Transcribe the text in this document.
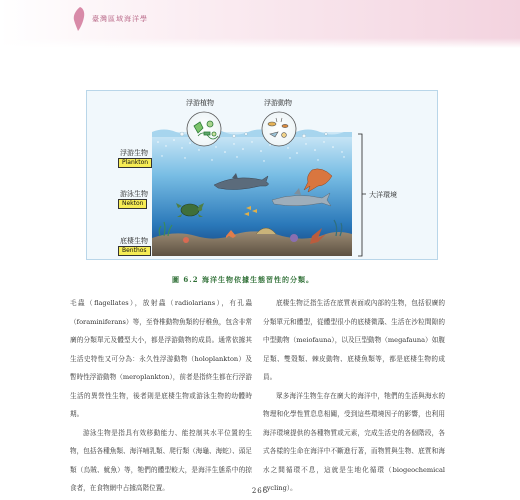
臺灣區域海洋學
浮游植物	浮游動物
大洋環境
浮游生物
Plankton
游泳生物
Nekton
底棲生物
Benthos
圖 6.2 海洋生物依據生態習性的分類。

毛蟲（flagellates），放射蟲（radiolarians），有孔蟲（foraminiferans）等，至脊椎動物魚類的仔稚魚，包含非常廣的分類單元及體型大小，都是浮游動物的成員。通常依據其生活史特性又可分為：永久性浮游動物（holoplankton）及暫時性浮游動物（meroplankton），前者是指終生都在行浮游生活的異營性生物，後者則是底棲生物或游泳生物的幼體時期。

游泳生物是指具有效移動能力、能控制其水平位置的生物，包括各種魚類、海洋哺乳類、爬行類（海龜、海蛇）、頭足類（烏賊、魷魚）等，牠們的體型較大，是海洋生態系中的掠食者，在食物網中占據高階位置。

底棲生物泛指生活在底質表面或內部的生物，包括很廣的分類單元和體型，從體型很小的底棲微藻、生活在沙粒間隙的中型動物（meiofauna），以及巨型動物（megafauna）如腹足類、雙殼類、棘皮動物、底棲魚類等，都是底棲生物的成員。

眾多海洋生物生存在廣大的海洋中，牠們的生活與海水的物理和化學性質息息相關，受到這些環境因子的影響，也利用海洋環境提供的各種物質或元素，完成生活史的各個階段，各式各樣的生命在海洋中不斷進行著，而物質與生物、底質和海水之間循環不息，這就是生地化循環（biogeochemical cycling）。

266
